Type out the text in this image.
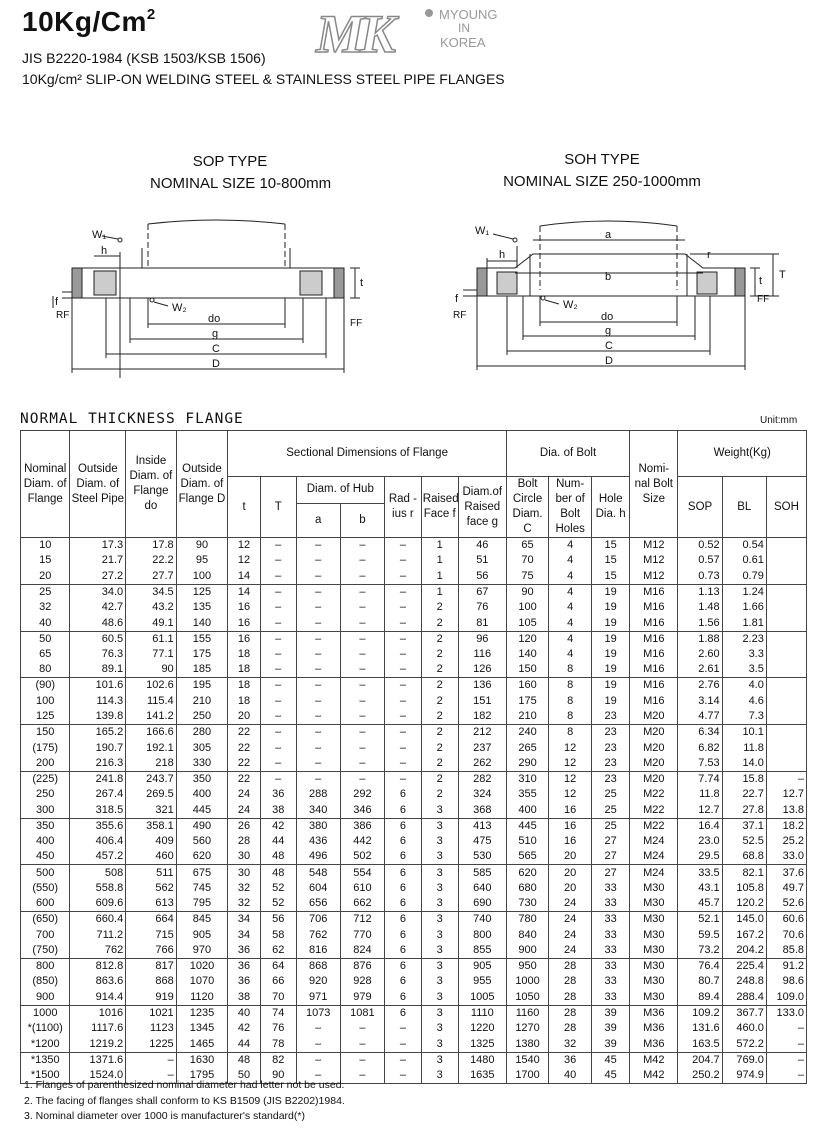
10Kg/Cm$^2$
JIS B2220-1984 (KSB 1503/KSB 1506)
10Kg/cm² SLIP-ON WELDING STEEL & STAINLESS STEEL PIPE FLANGES
MK	MYOUNG
IN
KOREA
SOP TYPE
NOMINAL SIZE 10-800mm
SOH TYPE
NOMINAL SIZE 250-1000mm
W₁
h
W₂
do
g
C
D
f
t
RF
FF
W₁	a
b
h	r
W₂
do
g
C
D
f
t T
RF
FF
NORMAL THICKNESS FLANGE	Unit:mm
Nominal Diam. of Flange	Outside Diam. of Steel Pipe	Inside Diam. of Flange do	Outside Diam. of Flange D	Sectional Dimensions of Flange							Dia. of Bolt			Nomi- nal Bolt Size	Weight(Kg)		
				t	T	Diam. of Hub		Rad -ius r	Raised Face f	Diam.of Raised face g	Bolt Circle Diam. C	Num- ber of Bolt Holes	Hole Dia. h		SOP	BL	SOH
						a	b										
10	17.3	17.8	90	12	–	–	–	–	1	46	65	4	15	M12	0.52	0.54	
15	21.7	22.2	95	12	–	–	–	–	1	51	70	4	15	M12	0.57	0.61	
20	27.2	27.7	100	14	–	–	–	–	1	56	75	4	15	M12	0.73	0.79	
25	34.0	34.5	125	14	–	–	–	–	1	67	90	4	19	M16	1.13	1.24	
32	42.7	43.2	135	16	–	–	–	–	2	76	100	4	19	M16	1.48	1.66	
40	48.6	49.1	140	16	–	–	–	–	2	81	105	4	19	M16	1.56	1.81	
50	60.5	61.1	155	16	–	–	–	–	2	96	120	4	19	M16	1.88	2.23	
65	76.3	77.1	175	18	–	–	–	–	2	116	140	4	19	M16	2.60	3.3	
80	89.1	90	185	18	–	–	–	–	2	126	150	8	19	M16	2.61	3.5	
(90)	101.6	102.6	195	18	–	–	–	–	2	136	160	8	19	M16	2.76	4.0	
100	114.3	115.4	210	18	–	–	–	–	2	151	175	8	19	M16	3.14	4.6	
125	139.8	141.2	250	20	–	–	–	–	2	182	210	8	23	M20	4.77	7.3	
150	165.2	166.6	280	22	–	–	–	–	2	212	240	8	23	M20	6.34	10.1	
(175)	190.7	192.1	305	22	–	–	–	–	2	237	265	12	23	M20	6.82	11.8	
200	216.3	218	330	22	–	–	–	–	2	262	290	12	23	M20	7.53	14.0	
(225)	241.8	243.7	350	22	–	–	–	–	2	282	310	12	23	M20	7.74	15.8	–
250	267.4	269.5	400	24	36	288	292	6	2	324	355	12	25	M22	11.8	22.7	12.7
300	318.5	321	445	24	38	340	346	6	3	368	400	16	25	M22	12.7	27.8	13.8
350	355.6	358.1	490	26	42	380	386	6	3	413	445	16	25	M22	16.4	37.1	18.2
400	406.4	409	560	28	44	436	442	6	3	475	510	16	27	M24	23.0	52.5	25.2
450	457.2	460	620	30	48	496	502	6	3	530	565	20	27	M24	29.5	68.8	33.0
500	508	511	675	30	48	548	554	6	3	585	620	20	27	M24	33.5	82.1	37.6
(550)	558.8	562	745	32	52	604	610	6	3	640	680	20	33	M30	43.1	105.8	49.7
600	609.6	613	795	32	52	656	662	6	3	690	730	24	33	M30	45.7	120.2	52.6
(650)	660.4	664	845	34	56	706	712	6	3	740	780	24	33	M30	52.1	145.0	60.6
700	711.2	715	905	34	58	762	770	6	3	800	840	24	33	M30	59.5	167.2	70.6
(750)	762	766	970	36	62	816	824	6	3	855	900	24	33	M30	73.2	204.2	85.8
800	812.8	817	1020	36	64	868	876	6	3	905	950	28	33	M30	76.4	225.4	91.2
(850)	863.6	868	1070	36	66	920	928	6	3	955	1000	28	33	M30	80.7	248.8	98.6
900	914.4	919	1120	38	70	971	979	6	3	1005	1050	28	33	M30	89.4	288.4	109.0
1000	1016	1021	1235	40	74	1073	1081	6	3	1110	1160	28	39	M36	109.2	367.7	133.0
*(1100)	1117.6	1123	1345	42	76	–	–	–	3	1220	1270	28	39	M36	131.6	460.0	–
*1200	1219.2	1225	1465	44	78	–	–	–	3	1325	1380	32	39	M36	163.5	572.2	–
*1350	1371.6	–	1630	48	82	–	–	–	3	1480	1540	36	45	M42	204.7	769.0	–
*1500	1524.0	–	1795	50	90	–	–	–	3	1635	1700	40	45	M42	250.2	974.9	–
1. Flanges of parenthesized nominal diameter had letter not be used.
2. The facing of flanges shall conform to KS B1509 (JIS B2202)1984.
3. Nominal diameter over 1000 is manufacturer's standard(*)
